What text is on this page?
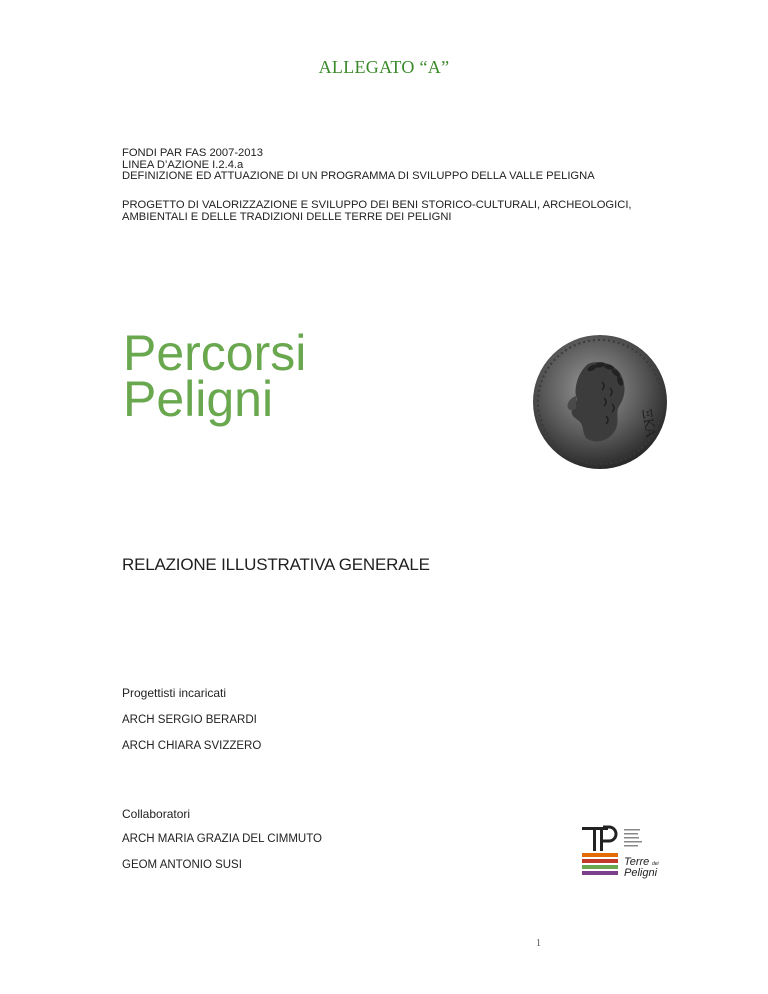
ALLEGATO “A”
FONDI PAR FAS 2007-2013
LINEA D’AZIONE I.2.4.a
DEFINIZIONE ED ATTUAZIONE DI UN PROGRAMMA DI SVILUPPO DELLA VALLE PELIGNA
PROGETTO DI VALORIZZAZIONE E SVILUPPO DEI BENI STORICO-CULTURALI, ARCHEOLOGICI,
AMBIENTALI E DELLE TRADIZIONI DELLE TERRE DEI PELIGNI
Percorsi
Peligni	ΞΚΑ
RELAZIONE ILLUSTRATIVA GENERALE
Progettisti incaricati
ARCH SERGIO BERARDI
ARCH CHIARA SVIZZERO
Collaboratori
ARCH MARIA GRAZIA DEL CIMMUTO
GEOM ANTONIO SUSI	Terre dei
Peligni
1
